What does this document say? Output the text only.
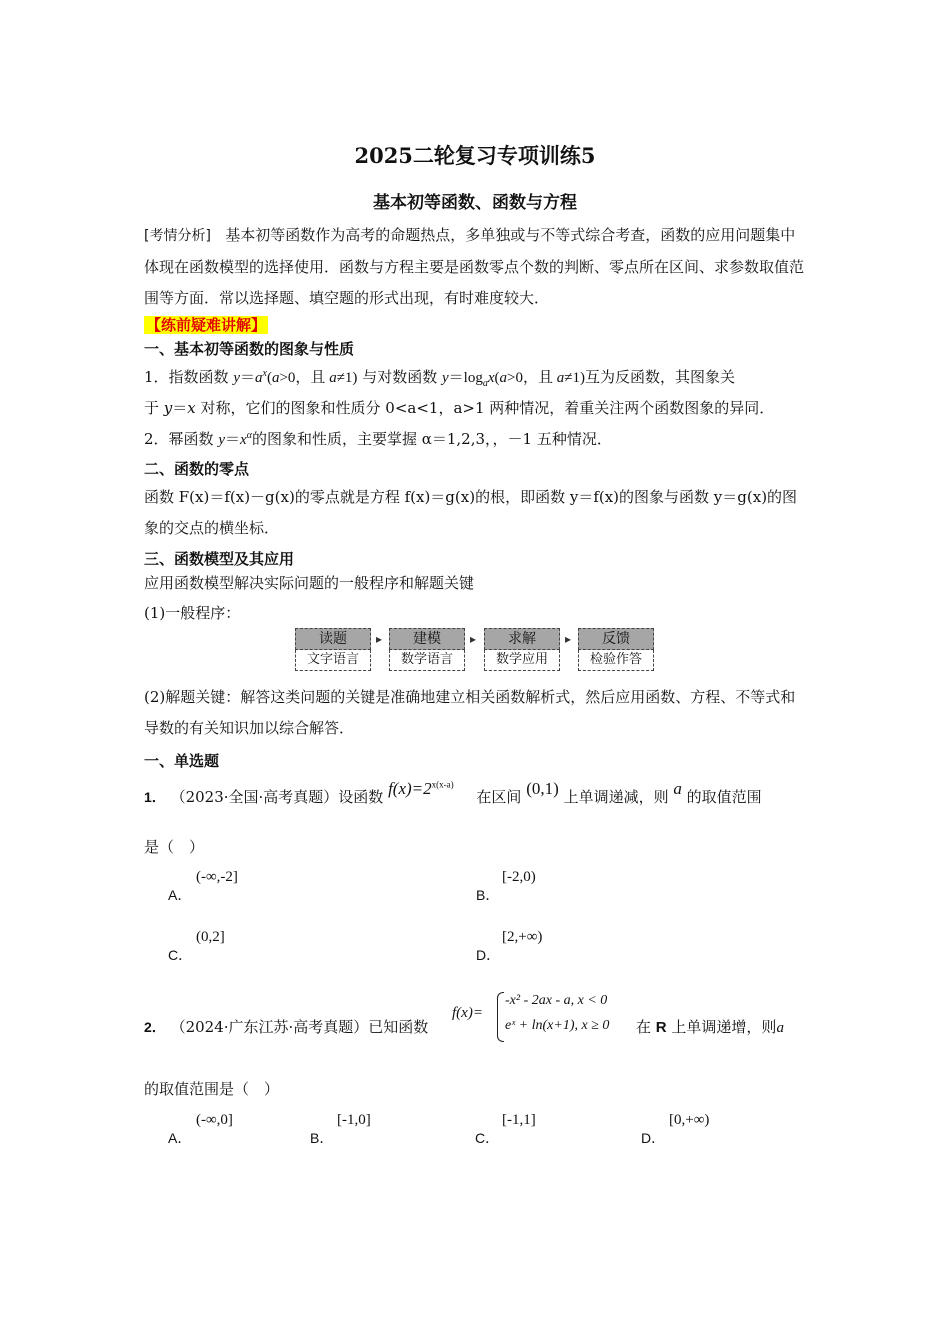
2025二轮复习专项训练5
基本初等函数、函数与方程
[考情分析] 基本初等函数作为高考的命题热点，多单独或与不等式综合考查，函数的应用问题集中体现在函数模型的选择使用．函数与方程主要是函数零点个数的判断、零点所在区间、求参数取值范围等方面．常以选择题、填空题的形式出现，有时难度较大．
【练前疑难讲解】
一、基本初等函数的图象与性质
1．指数函数 $y=a^x(a>0$，且 a≠1) 与对数函数 $y=\log_ax(a>0$，且 a≠1)互为反函数，其图象关
于 y＝x 对称，它们的图象和性质分 0<a<1，a>1 两种情况，着重关注两个函数图象的异同．
2．幂函数 $y=x^\alpha$的图象和性质，主要掌握 α＝1,2,3，，－1 五种情况．
二、函数的零点
函数 F(x)＝f(x)－g(x)的零点就是方程 f(x)＝g(x)的根，即函数 y＝f(x)的图象与函数 y＝g(x)的图象的交点的横坐标．
三、函数模型及其应用
应用函数模型解决实际问题的一般程序和解题关键
(1)一般程序：
读题
文字语言
▸	建模
数学语言
▸	求解
数学应用
▸	反馈
检验作答
(2)解题关键：解答这类问题的关键是准确地建立相关函数解析式，然后应用函数、方程、不等式和导数的有关知识加以综合解答．
一、单选题
1． （2023·全国·高考真题）设函数 $f(x)=2^{x(x-a)}$ 在区间 (0,1) 上单调递减，则 a 的取值范围
是（　）
A．
(-∞,-2]
B．
[-2,0)
C．
(0,2]
D．
[2,+∞)
2． （2024·广东江苏·高考真题）已知函数
f(x)=
-x² - 2ax - a, x < 0
eˣ + ln(x+1), x ≥ 0 在 R 上单调递增，则a
的取值范围是（　）
A．
(-∞,0]
B．
[-1,0]
C．
[-1,1]
D．
[0,+∞)
